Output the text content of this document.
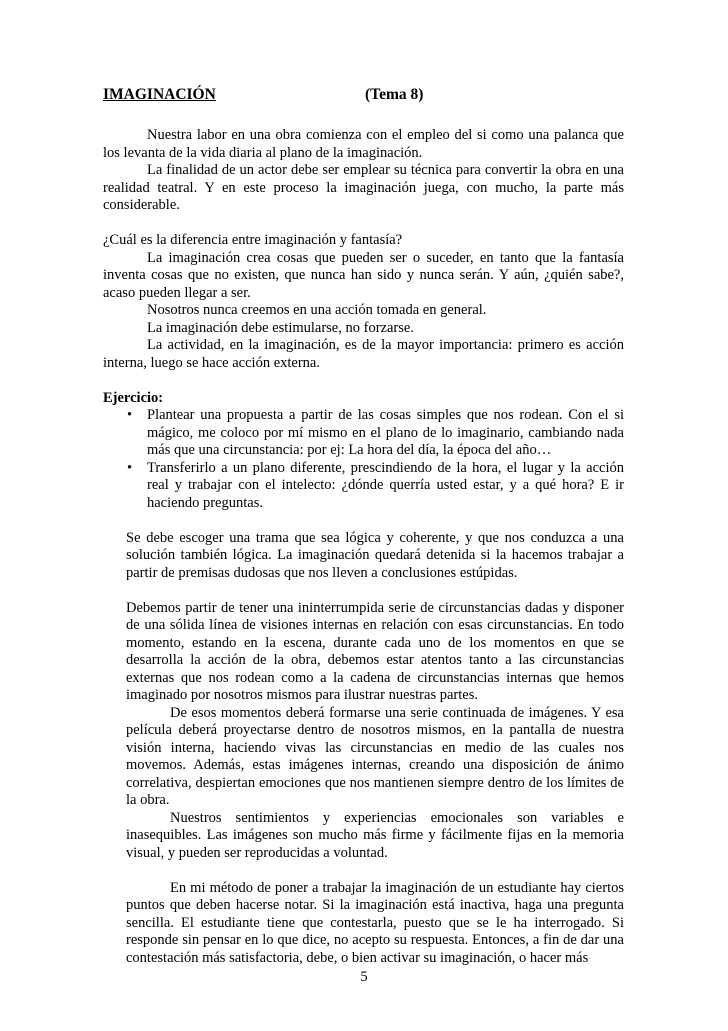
IMAGINACIÓN	(Tema 8)

Nuestra labor en una obra comienza con el empleo del si como una palanca que los levanta de la vida diaria al plano de la imaginación.

La finalidad de un actor debe ser emplear su técnica para convertir la obra en una realidad teatral. Y en este proceso la imaginación juega, con mucho, la parte más considerable.

¿Cuál es la diferencia entre imaginación y fantasía?

La imaginación crea cosas que pueden ser o suceder, en tanto que la fantasía inventa cosas que no existen, que nunca han sido y nunca serán. Y aún, ¿quién sabe?, acaso pueden llegar a ser.

Nosotros nunca creemos en una acción tomada en general.

La imaginación debe estimularse, no forzarse.

La actividad, en la imaginación, es de la mayor importancia: primero es acción interna, luego se hace acción externa.

Ejercicio:

• Plantear una propuesta a partir de las cosas simples que nos rodean. Con el si mágico, me coloco por mí mismo en el plano de lo imaginario, cambiando nada más que una circunstancia: por ej: La hora del día, la época del año…
• Transferirlo a un plano diferente, prescindiendo de la hora, el lugar y la acción real y trabajar con el intelecto: ¿dónde querría usted estar, y a qué hora? E ir haciendo preguntas.

Se debe escoger una trama que sea lógica y coherente, y que nos conduzca a una solución también lógica. La imaginación quedará detenida si la hacemos trabajar a partir de premisas dudosas que nos lleven a conclusiones estúpidas.

Debemos partir de tener una ininterrumpida serie de circunstancias dadas y disponer de una sólida línea de visiones internas en relación con esas circunstancias. En todo momento, estando en la escena, durante cada uno de los momentos en que se desarrolla la acción de la obra, debemos estar atentos tanto a las circunstancias externas que nos rodean como a la cadena de circunstancias internas que hemos imaginado por nosotros mismos para ilustrar nuestras partes.

De esos momentos deberá formarse una serie continuada de imágenes. Y esa película deberá proyectarse dentro de nosotros mismos, en la pantalla de nuestra visión interna, haciendo vivas las circunstancias en medio de las cuales nos movemos. Además, estas imágenes internas, creando una disposición de ánimo correlativa, despiertan emociones que nos mantienen siempre dentro de los límites de la obra.

Nuestros sentimientos y experiencias emocionales son variables e inasequibles. Las imágenes son mucho más firme y fácilmente fijas en la memoria visual, y pueden ser reproducidas a voluntad.

En mi método de poner a trabajar la imaginación de un estudiante hay ciertos puntos que deben hacerse notar. Si la imaginación está inactiva, haga una pregunta sencilla. El estudiante tiene que contestarla, puesto que se le ha interrogado. Si responde sin pensar en lo que dice, no acepto su respuesta. Entonces, a fin de dar una contestación más satisfactoria, debe, o bien activar su imaginación, o hacer más

5
